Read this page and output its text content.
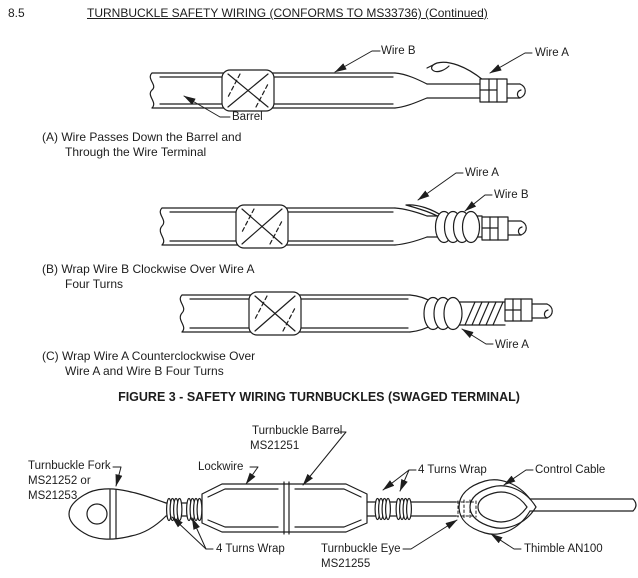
8.5	TURNBUCKLE SAFETY WIRING (CONFORMS TO MS33736) (Continued)
Wire B	Wire A
Barrel
(A) Wire Passes Down the Barrel and
Through the Wire Terminal
Wire A
Wire B
(B) Wrap Wire B Clockwise Over Wire A
Four Turns
Wire A
(C) Wrap Wire A Counterclockwise Over
Wire A and Wire B Four Turns
FIGURE 3 - SAFETY WIRING TURNBUCKLES (SWAGED TERMINAL)
Turnbuckle Fork
MS21252 or
MS21253
Lockwire
Turnbuckle Barrel
MS21251
4 Turns Wrap
4 Turns Wrap	Control Cable
Turnbuckle Eye
MS21255
Thimble AN100
